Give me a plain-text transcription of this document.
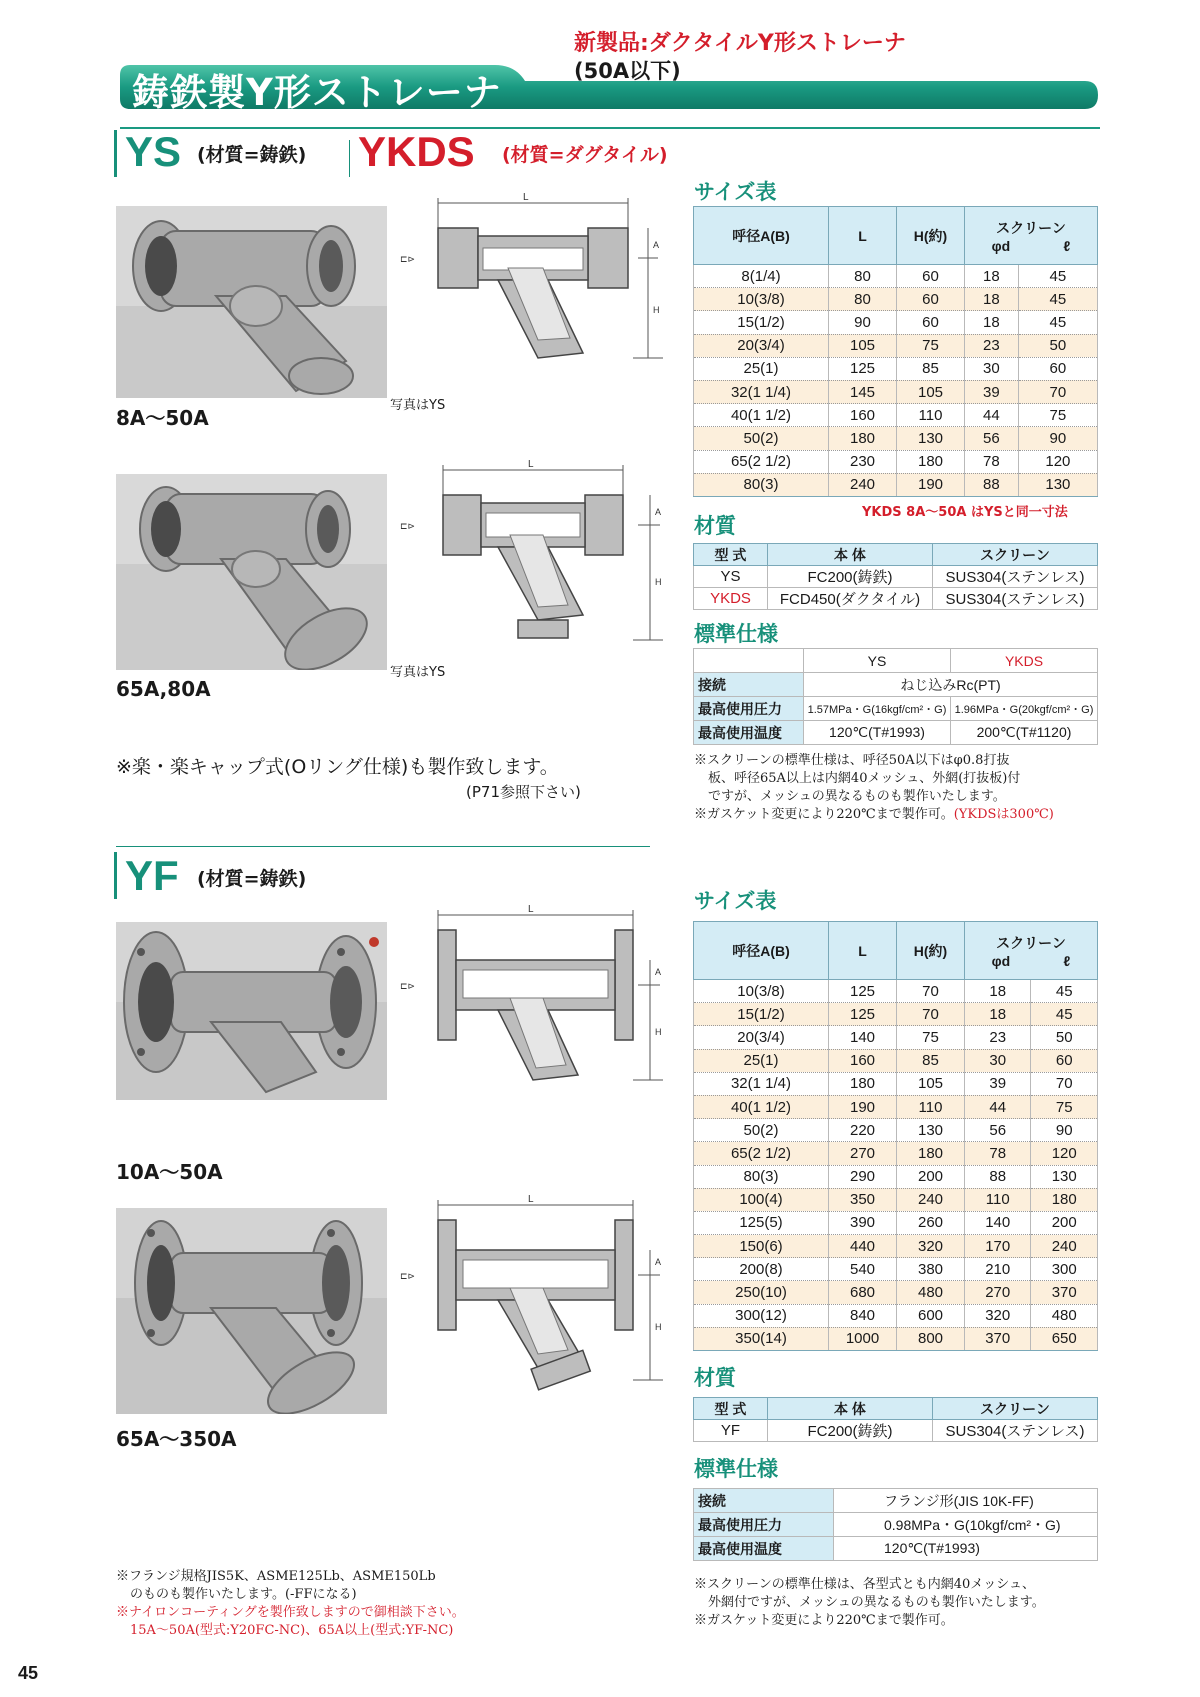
新製品:ダクタイルY形ストレーナ
(50A以下)
鋳鉄製Y形ストレーナ
YS (材質=鋳鉄) YKDS (材質=ダグタイル)
8A～50A
L
A
H
⊏⊳
写真はYS
65A,80A
L
A
H
⊏⊳
写真はYS
※楽・楽キャップ式(Oリング仕様)も製作致します。
(P71参照下さい)
サイズ表
呼径A(B)	L	H(約)	スクリーン
φd ℓ	

8(1/4)	80	60	18	45
10(3/8)	80	60	18	45
15(1/2)	90	60	18	45
20(3/4)	105	75	23	50
25(1)	125	85	30	60
32(1 1/4)	145	105	39	70
40(1 1/2)	160	110	44	75
50(2)	180	130	56	90
65(2 1/2)	230	180	78	120
80(3)	240	190	88	130
YKDS 8A～50A はYSと同一寸法
材質
型 式	本 体	スクリーン
YS	FC200(鋳鉄)	SUS304(ステンレス)
YKDS	FCD450(ダクタイル)	SUS304(ステンレス)
標準仕様
	YS	YKDS
接続	ねじ込みRc(PT)	
最高使用圧力	1.57MPa・G(16kgf/cm²・G)	1.96MPa・G(20kgf/cm²・G)
最高使用温度	120℃(T#1993)	200℃(T#1120)
※スクリーンの標準仕様は、呼径50A以下はφ0.8打抜
板、呼径65A以上は内網40メッシュ、外網(打抜板)付
ですが、メッシュの異なるものも製作いたします。
※ガスケット変更により220℃まで製作可。(YKDSは300℃)
YF (材質=鋳鉄)
10A～50A
L
A
H
⊏⊳
65A～350A
L
A
H
⊏⊳
サイズ表
呼径A(B)	L	H(約)	スクリーン
φd ℓ	

10(3/8)	125	70	18	45
15(1/2)	125	70	18	45
20(3/4)	140	75	23	50
25(1)	160	85	30	60
32(1 1/4)	180	105	39	70
40(1 1/2)	190	110	44	75
50(2)	220	130	56	90
65(2 1/2)	270	180	78	120
80(3)	290	200	88	130
100(4)	350	240	110	180
125(5)	390	260	140	200
150(6)	440	320	170	240
200(8)	540	380	210	300
250(10)	680	480	270	370
300(12)	840	600	320	480
350(14)	1000	800	370	650
材質
型 式	本 体	スクリーン
YF	FC200(鋳鉄)	SUS304(ステンレス)
標準仕様
接続	フランジ形(JIS 10K-FF)
最高使用圧力	0.98MPa・G(10kgf/cm²・G)
最高使用温度	120℃(T#1993)
※スクリーンの標準仕様は、各型式とも内網40メッシュ、
外網付ですが、メッシュの異なるものも製作いたします。
※ガスケット変更により220℃まで製作可。
※フランジ規格JIS5K、ASME125Lb、ASME150Lb
のものも製作いたします。(-FFになる)
※ナイロンコーティングを製作致しますので御相談下さい。
15A～50A(型式:Y20FC-NC)、65A以上(型式:YF-NC)
45
